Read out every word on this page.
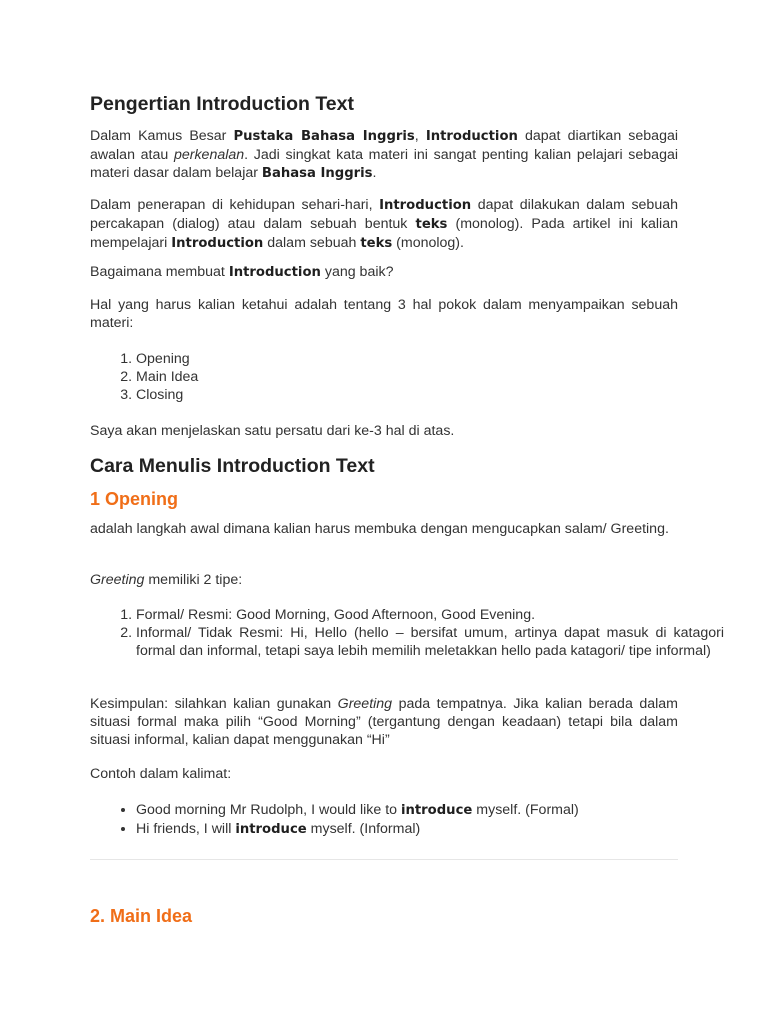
Pengertian Introduction Text

Dalam Kamus Besar Pustaka Bahasa Inggris, Introduction dapat diartikan sebagai awalan atau perkenalan. Jadi singkat kata materi ini sangat penting kalian pelajari sebagai materi dasar dalam belajar Bahasa Inggris.

Dalam penerapan di kehidupan sehari-hari, Introduction dapat dilakukan dalam sebuah percakapan (dialog) atau dalam sebuah bentuk teks (monolog). Pada artikel ini kalian mempelajari Introduction dalam sebuah teks (monolog).

Bagaimana membuat Introduction yang baik?

Hal yang harus kalian ketahui adalah tentang 3 hal pokok dalam menyampaikan sebuah materi:

1. Opening
2. Main Idea
3. Closing

Saya akan menjelaskan satu persatu dari ke-3 hal di atas.

Cara Menulis Introduction Text
1 Opening

adalah langkah awal dimana kalian harus membuka dengan mengucapkan salam/ Greeting.

Greeting memiliki 2 tipe:

1. Formal/ Resmi: Good Morning, Good Afternoon, Good Evening.
2. Informal/ Tidak Resmi: Hi, Hello (hello – bersifat umum, artinya dapat masuk di katagori formal dan informal, tetapi saya lebih memilih meletakkan hello pada katagori/ tipe informal)

Kesimpulan: silahkan kalian gunakan Greeting pada tempatnya. Jika kalian berada dalam situasi formal maka pilih “Good Morning” (tergantung dengan keadaan) tetapi bila dalam situasi informal, kalian dapat menggunakan “Hi”

Contoh dalam kalimat:

• Good morning Mr Rudolph, I would like to introduce myself. (Formal)
• Hi friends, I will introduce myself. (Informal)
2. Main Idea
